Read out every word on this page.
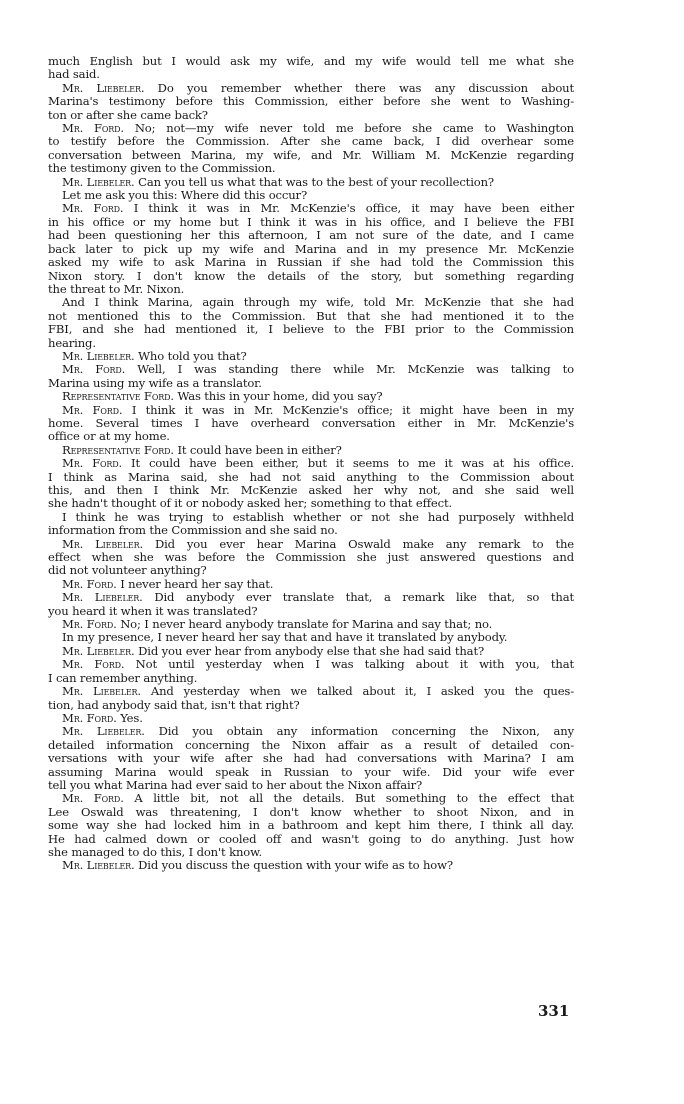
much English but I would ask my wife, and my wife would tell me what she
had said.
Mr. Liebeler. Do you remember whether there was any discussion about
Marina's testimony before this Commission, either before she went to Washing-
ton or after she came back?
Mr. Ford. No; not—my wife never told me before she came to Washington
to testify before the Commission. After she came back, I did overhear some
conversation between Marina, my wife, and Mr. William M. McKenzie regarding
the testimony given to the Commission.
Mr. Liebeler. Can you tell us what that was to the best of your recollection?
Let me ask you this: Where did this occur?
Mr. Ford. I think it was in Mr. McKenzie's office, it may have been either
in his office or my home but I think it was in his office, and I believe the FBI
had been questioning her this afternoon, I am not sure of the date, and I came
back later to pick up my wife and Marina and in my presence Mr. McKenzie
asked my wife to ask Marina in Russian if she had told the Commission this
Nixon story. I don't know the details of the story, but something regarding
the threat to Mr. Nixon.
And I think Marina, again through my wife, told Mr. McKenzie that she had
not mentioned this to the Commission. But that she had mentioned it to the
FBI, and she had mentioned it, I believe to the FBI prior to the Commission
hearing.
Mr. Liebeler. Who told you that?
Mr. Ford. Well, I was standing there while Mr. McKenzie was talking to
Marina using my wife as a translator.
Representative Ford. Was this in your home, did you say?
Mr. Ford. I think it was in Mr. McKenzie's office; it might have been in my
home. Several times I have overheard conversation either in Mr. McKenzie's
office or at my home.
Representative Ford. It could have been in either?
Mr. Ford. It could have been either, but it seems to me it was at his office.
I think as Marina said, she had not said anything to the Commission about
this, and then I think Mr. McKenzie asked her why not, and she said well
she hadn't thought of it or nobody asked her; something to that effect.
I think he was trying to establish whether or not she had purposely withheld
information from the Commission and she said no.
Mr. Liebeler. Did you ever hear Marina Oswald make any remark to the
effect when she was before the Commission she just answered questions and
did not volunteer anything?
Mr. Ford. I never heard her say that.
Mr. Liebeler. Did anybody ever translate that, a remark like that, so that
you heard it when it was translated?
Mr. Ford. No; I never heard anybody translate for Marina and say that; no.
In my presence, I never heard her say that and have it translated by anybody.
Mr. Liebeler. Did you ever hear from anybody else that she had said that?
Mr. Ford. Not until yesterday when I was talking about it with you, that
I can remember anything.
Mr. Liebeler. And yesterday when we talked about it, I asked you the ques-
tion, had anybody said that, isn't that right?
Mr. Ford. Yes.
Mr. Liebeler. Did you obtain any information concerning the Nixon, any
detailed information concerning the Nixon affair as a result of detailed con-
versations with your wife after she had had conversations with Marina? I am
assuming Marina would speak in Russian to your wife. Did your wife ever
tell you what Marina had ever said to her about the Nixon affair?
Mr. Ford. A little bit, not all the details. But something to the effect that
Lee Oswald was threatening, I don't know whether to shoot Nixon, and in
some way she had locked him in a bathroom and kept him there, I think all day.
He had calmed down or cooled off and wasn't going to do anything. Just how
she managed to do this, I don't know.
Mr. Liebeler. Did you discuss the question with your wife as to how?
331
